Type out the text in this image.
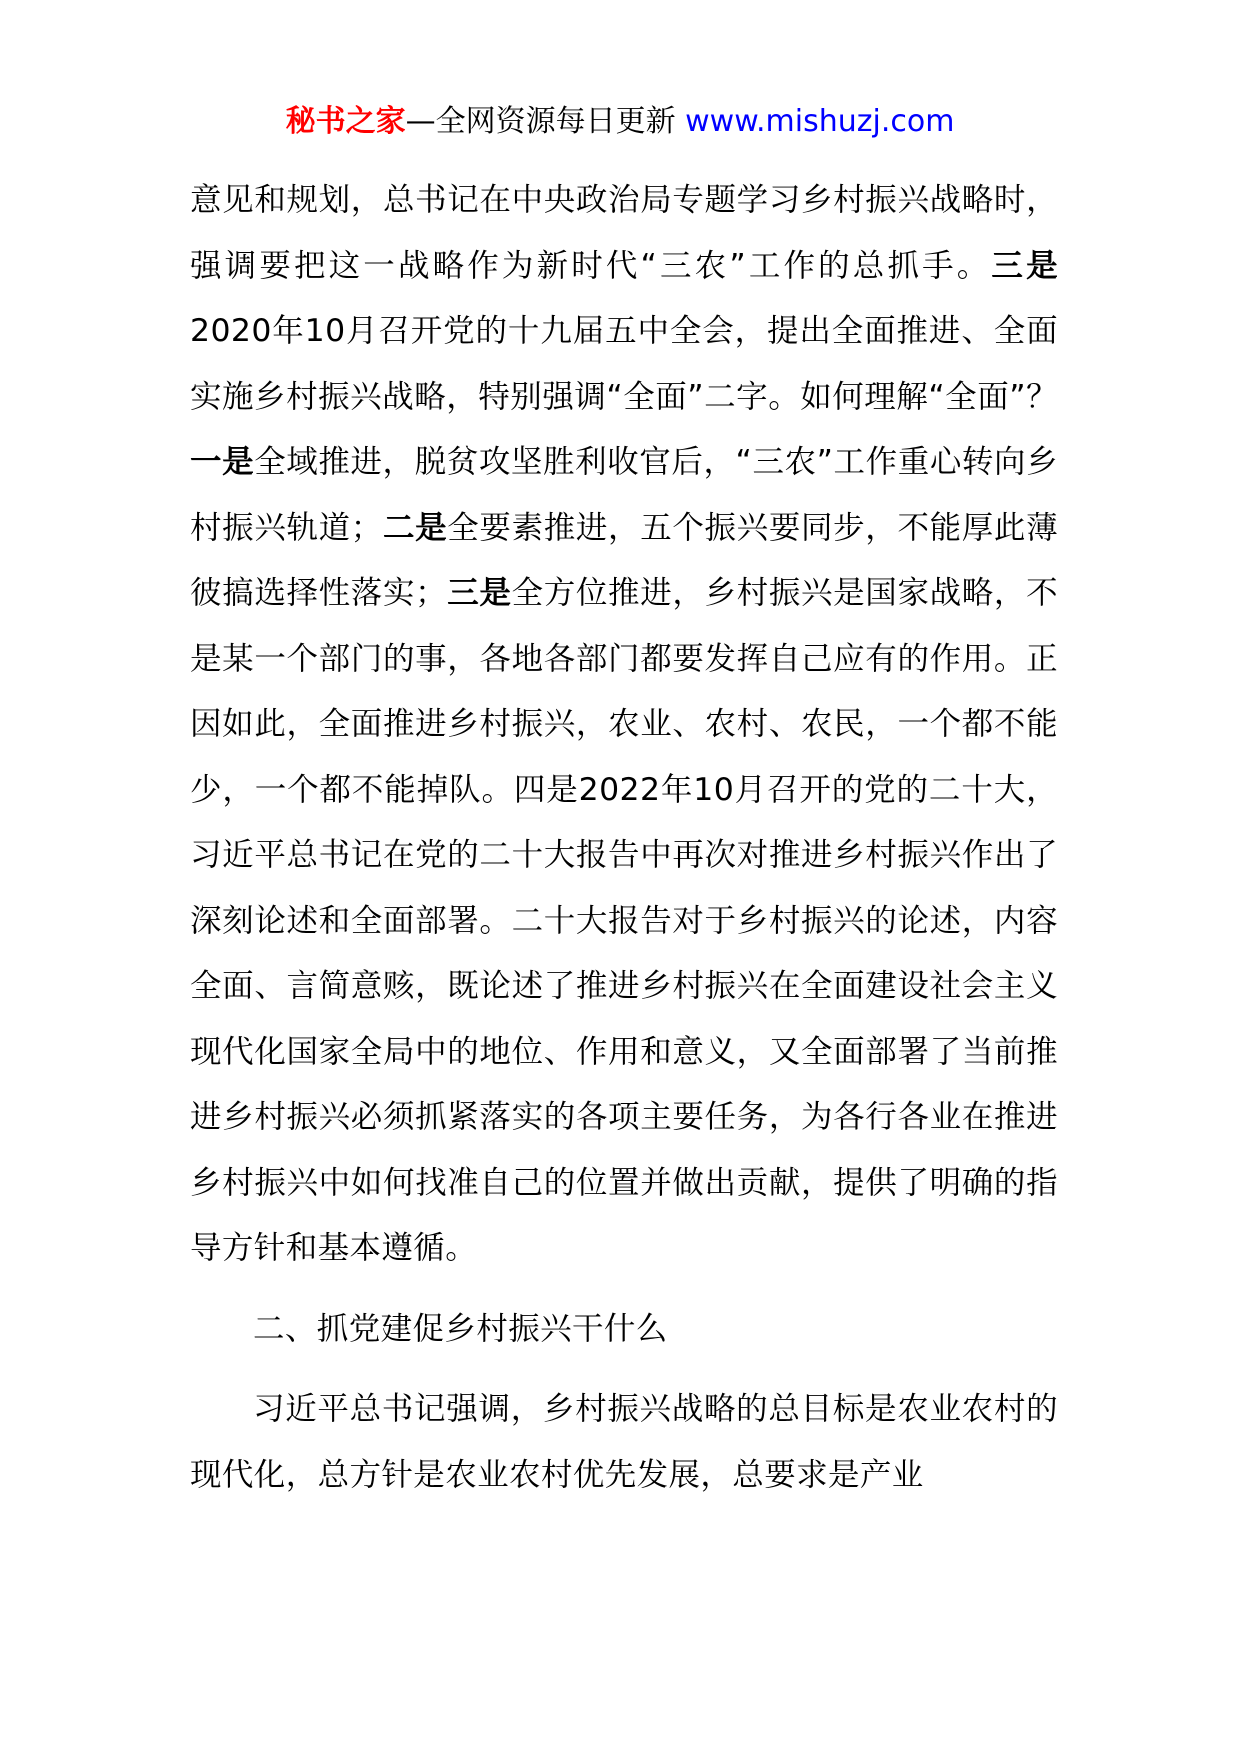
秘书之家—全网资源每日更新 www.mishuzj.com

意见和规划，总书记在中央政治局专题学习乡村振兴战略时，强调要把这一战略作为新时代“三农”工作的总抓手。三是2020年10月召开党的十九届五中全会，提出全面推进、全面实施乡村振兴战略，特别强调“全面”二字。如何理解“全面”？一是全域推进，脱贫攻坚胜利收官后，“三农”工作重心转向乡村振兴轨道；二是全要素推进，五个振兴要同步，不能厚此薄彼搞选择性落实；三是全方位推进，乡村振兴是国家战略，不是某一个部门的事，各地各部门都要发挥自己应有的作用。正因如此，全面推进乡村振兴，农业、农村、农民，一个都不能少，一个都不能掉队。四是2022年10月召开的党的二十大，习近平总书记在党的二十大报告中再次对推进乡村振兴作出了深刻论述和全面部署。二十大报告对于乡村振兴的论述，内容全面、言简意赅，既论述了推进乡村振兴在全面建设社会主义现代化国家全局中的地位、作用和意义，又全面部署了当前推进乡村振兴必须抓紧落实的各项主要任务，为各行各业在推进乡村振兴中如何找准自己的位置并做出贡献，提供了明确的指导方针和基本遵循。

二、抓党建促乡村振兴干什么

习近平总书记强调，乡村振兴战略的总目标是农业农村的现代化，总方针是农业农村优先发展，总要求是产业
